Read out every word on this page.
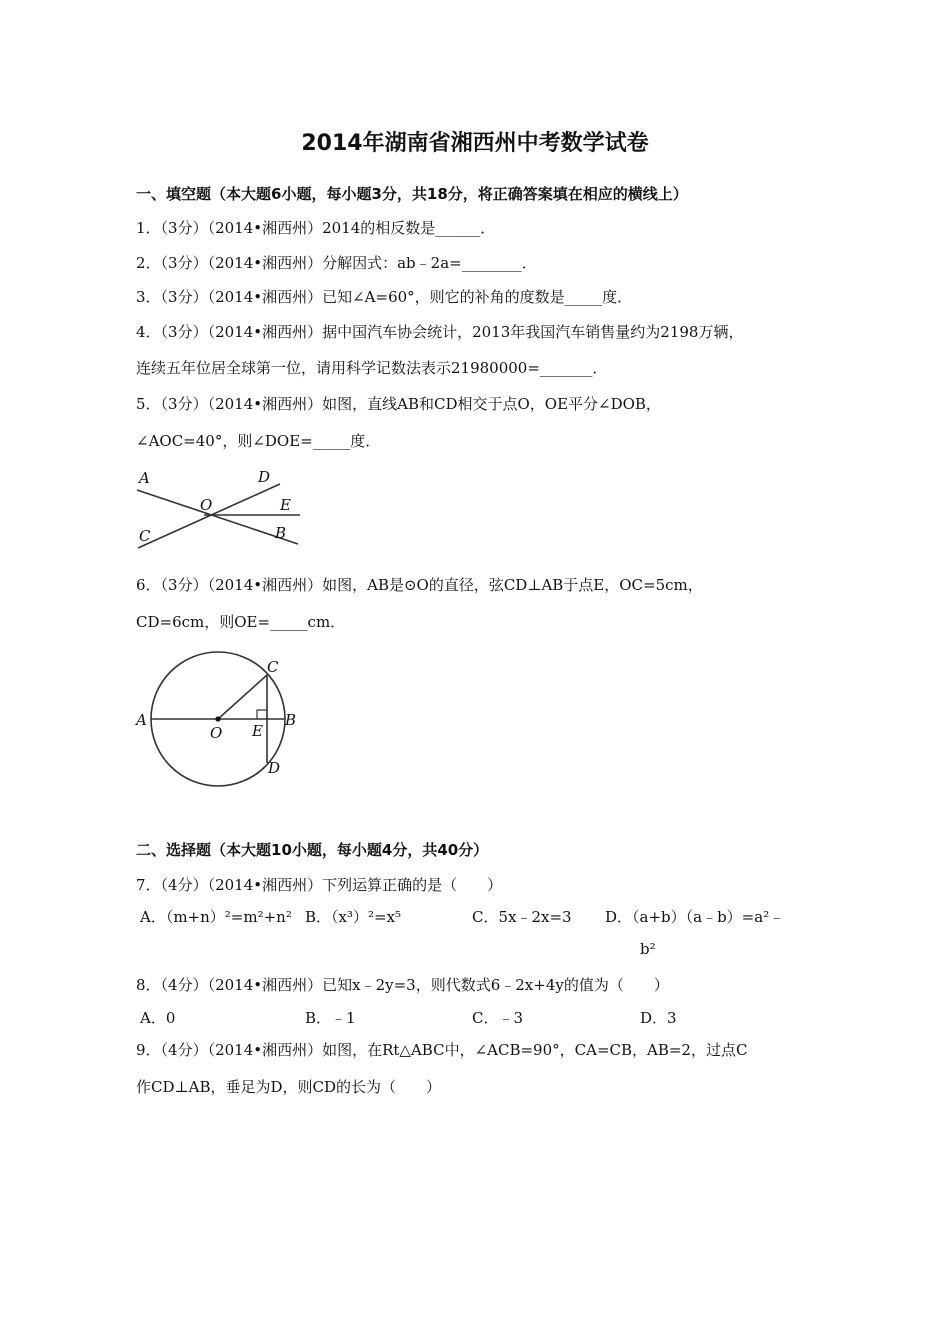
2014年湖南省湘西州中考数学试卷
一、填空题（本大题6小题，每小题3分，共18分，将正确答案填在相应的横线上）
1．（3分）（2014•湘西州）2014的相反数是______．
2．（3分）（2014•湘西州）分解因式：ab﹣2a=________．
3．（3分）（2014•湘西州）已知∠A=60°，则它的补角的度数是_____度．
4．（3分）（2014•湘西州）据中国汽车协会统计，2013年我国汽车销售量约为2198万辆，
连续五年位居全球第一位，请用科学记数法表示21980000=_______．
5．（3分）（2014•湘西州）如图，直线AB和CD相交于点O，OE平分∠DOB，
∠AOC=40°，则∠DOE=_____度．
A	D
E
O
C	B
6．（3分）（2014•湘西州）如图，AB是⊙O的直径，弦CD⊥AB于点E，OC=5cm，
CD=6cm，则OE=_____cm．
A	B
C
D
E
O
二、选择题（本大题10小题，每小题4分，共40分）
7．（4分）（2014•湘西州）下列运算正确的是（　　）
A．（m+n）²=m²+n² B．（x³）²=x⁵	C．5x﹣2x=3 D．（a+b）（a﹣b）=a²﹣
b²
8．（4分）（2014•湘西州）已知x﹣2y=3，则代数式6﹣2x+4y的值为（　　）
A．0	B．﹣1	C．﹣3	D．3
9．（4分）（2014•湘西州）如图，在Rt△ABC中，∠ACB=90°，CA=CB，AB=2，过点C
作CD⊥AB，垂足为D，则CD的长为（　　）
